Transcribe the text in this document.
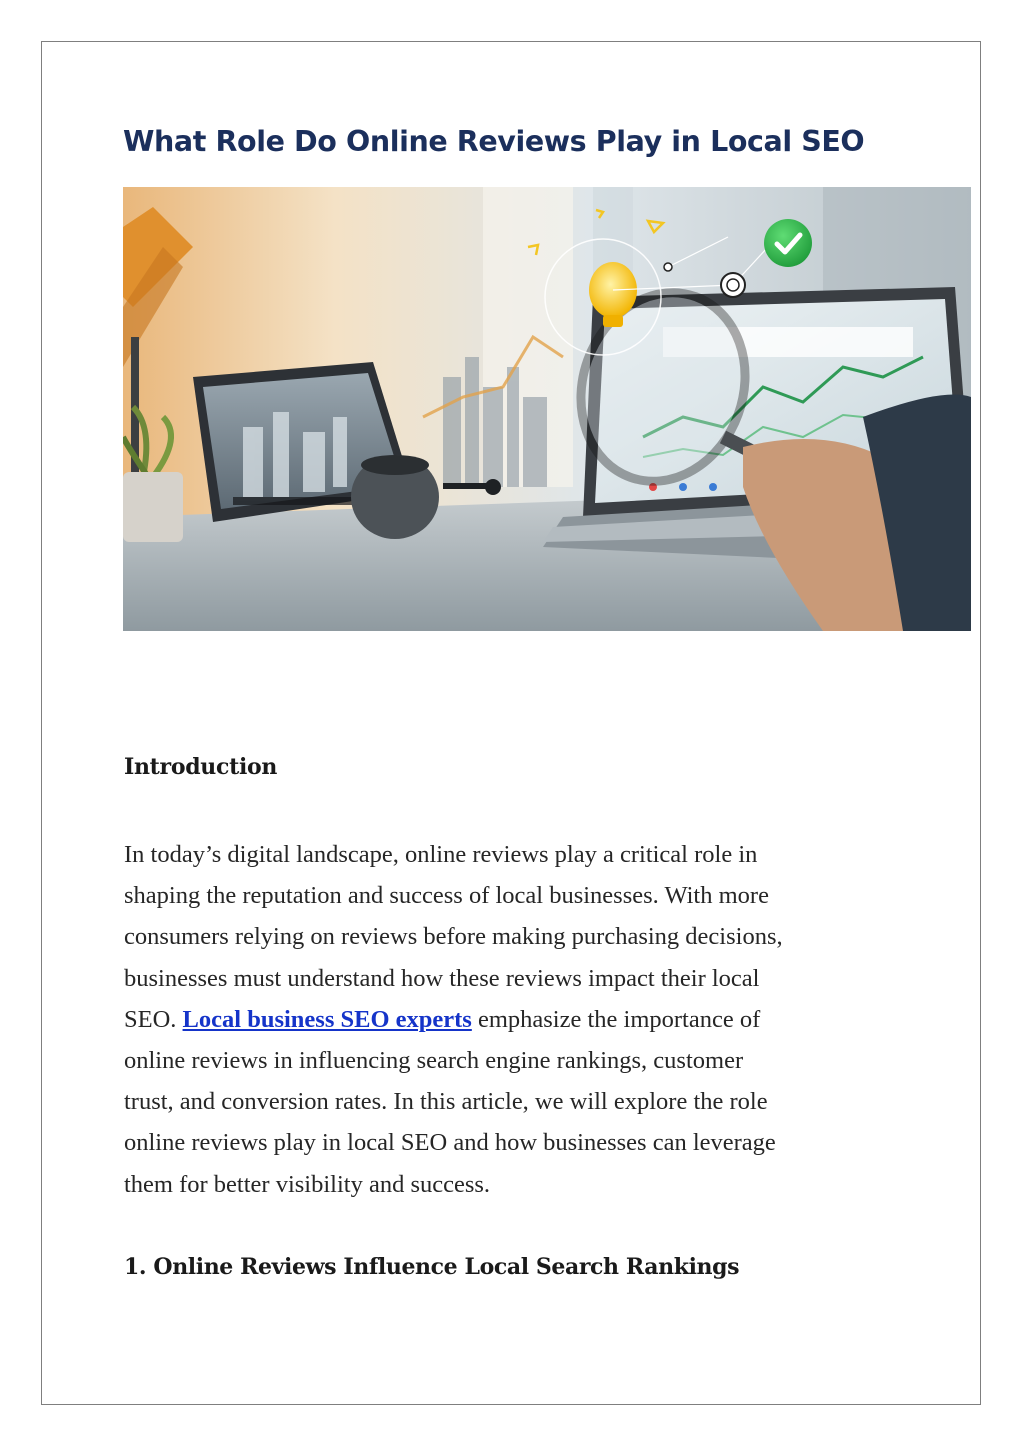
What Role Do Online Reviews Play in Local SEO
Introduction

In today’s digital landscape, online reviews play a critical role in
shaping the reputation and success of local businesses. With more
consumers relying on reviews before making purchasing decisions,
businesses must understand how these reviews impact their local
SEO. Local business SEO experts emphasize the importance of
online reviews in influencing search engine rankings, customer
trust, and conversion rates. In this article, we will explore the role
online reviews play in local SEO and how businesses can leverage
them for better visibility and success.

1. Online Reviews Influence Local Search Rankings
